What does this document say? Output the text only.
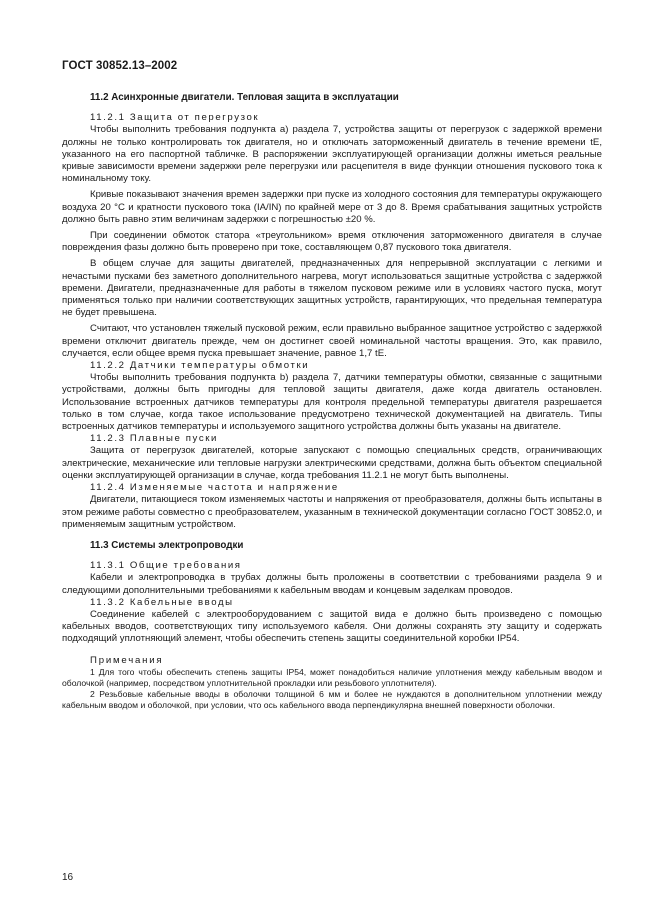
ГОСТ 30852.13–2002
11.2 Асинхронные двигатели. Тепловая защита в эксплуатации

11.2.1 Защита от перегрузок

Чтобы выполнить требования подпункта а) раздела 7, устройства защиты от перегрузок с задержкой времени должны не только контролировать ток двигателя, но и отключать заторможенный двигатель в течение времени tE, указанного на его паспортной табличке. В распоряжении эксплуатирующей организации должны иметься реальные кривые зависимости времени задержки реле перегрузки или расцепителя в виде функции отношения пускового тока к номинальному току.

Кривые показывают значения времен задержки при пуске из холодного состояния для температуры окружающего воздуха 20 °С и кратности пускового тока (IA/IN) по крайней мере от 3 до 8. Время срабатывания защитных устройств должно быть равно этим величинам задержки с погрешностью ±20 %.

При соединении обмоток статора «треугольником» время отключения заторможенного двигателя в случае повреждения фазы должно быть проверено при токе, составляющем 0,87 пускового тока двигателя.

В общем случае для защиты двигателей, предназначенных для непрерывной эксплуатации с легкими и нечастыми пусками без заметного дополнительного нагрева, могут использоваться защитные устройства с задержкой времени. Двигатели, предназначенные для работы в тяжелом пусковом режиме или в условиях частого пуска, могут применяться только при наличии соответствующих защитных устройств, гарантирующих, что предельная температура не будет превышена.

Считают, что установлен тяжелый пусковой режим, если правильно выбранное защитное устройство с задержкой времени отключит двигатель прежде, чем он достигнет своей номинальной частоты вращения. Это, как правило, случается, если общее время пуска превышает значение, равное 1,7 tE.

11.2.2 Датчики температуры обмотки

Чтобы выполнить требования подпункта b) раздела 7, датчики температуры обмотки, связанные с защитными устройствами, должны быть пригодны для тепловой защиты двигателя, даже когда двигатель остановлен. Использование встроенных датчиков температуры для контроля предельной температуры двигателя разрешается только в том случае, когда такое использование предусмотрено технической документацией на двигатель. Типы встроенных датчиков температуры и используемого защитного устройства должны быть указаны на двигателе.

11.2.3 Плавные пуски

Защита от перегрузок двигателей, которые запускают с помощью специальных средств, ограничивающих электрические, механические или тепловые нагрузки электрическими средствами, должна быть объектом специальной оценки эксплуатирующей организации в случае, когда требования 11.2.1 не могут быть выполнены.

11.2.4 Изменяемые частота и напряжение

Двигатели, питающиеся током изменяемых частоты и напряжения от преобразователя, должны быть испытаны в этом режиме работы совместно с преобразователем, указанным в технической документации согласно ГОСТ 30852.0, и применяемым защитным устройством.

11.3 Системы электропроводки

11.3.1 Общие требования

Кабели и электропроводка в трубах должны быть проложены в соответствии с требованиями раздела 9 и следующими дополнительными требованиями к кабельным вводам и концевым заделкам проводов.

11.3.2 Кабельные вводы

Соединение кабелей с электрооборудованием с защитой вида е должно быть произведено с помощью кабельных вводов, соответствующих типу используемого кабеля. Они должны сохранять эту защиту и содержать подходящий уплотняющий элемент, чтобы обеспечить степень защиты соединительной коробки IP54.

Примечания

1 Для того чтобы обеспечить степень защиты IP54, может понадобиться наличие уплотнения между кабельным вводом и оболочкой (например, посредством уплотнительной прокладки или резьбового уплотнителя).

2 Резьбовые кабельные вводы в оболочки толщиной 6 мм и более не нуждаются в дополнительном уплотнении между кабельным вводом и оболочкой, при условии, что ось кабельного ввода перпендикулярна внешней поверхности оболочки.

16
